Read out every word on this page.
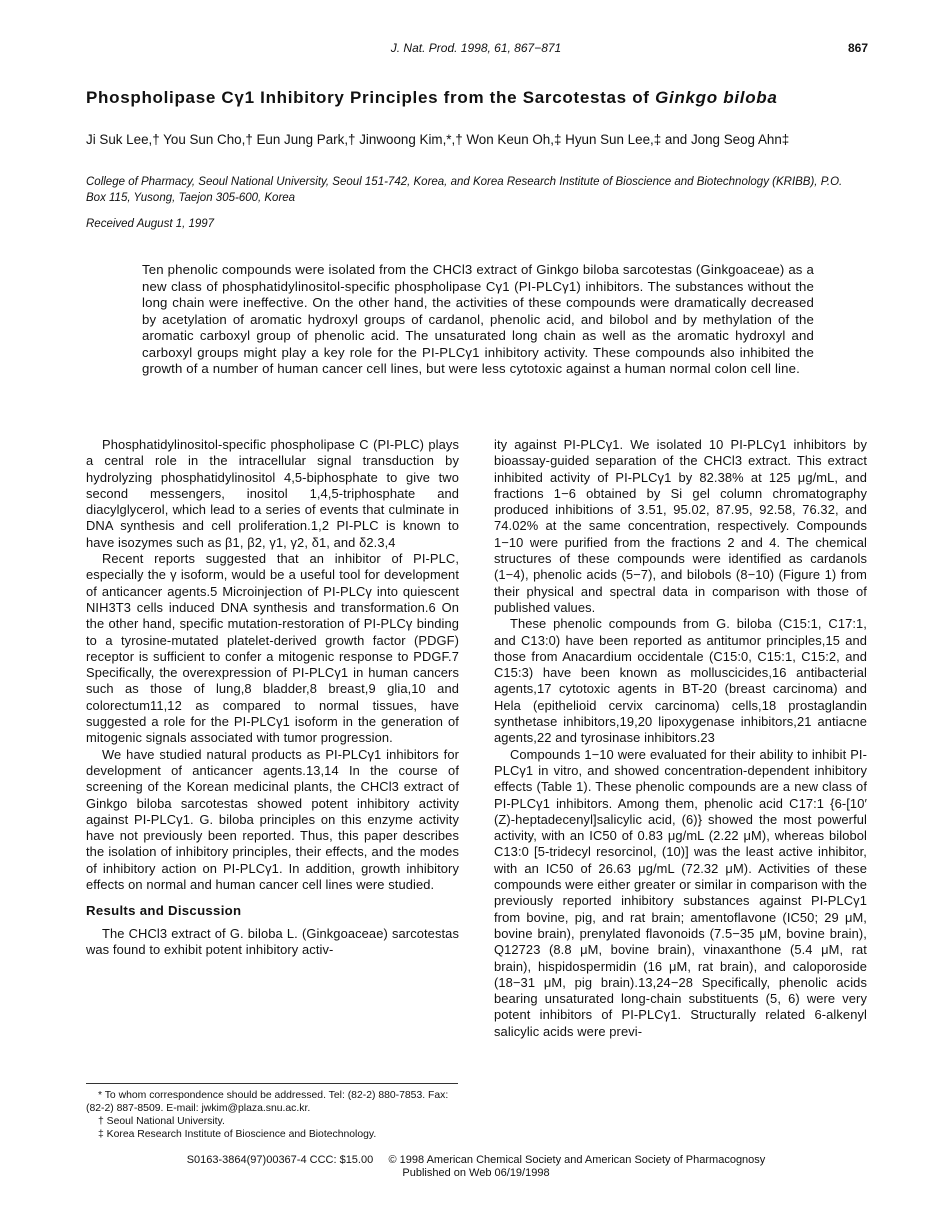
J. Nat. Prod. 1998, 61, 867−871	867
Phospholipase Cγ1 Inhibitory Principles from the Sarcotestas of Ginkgo biloba
Ji Suk Lee,† You Sun Cho,† Eun Jung Park,† Jinwoong Kim,*,† Won Keun Oh,‡ Hyun Sun Lee,‡ and Jong Seog Ahn‡
College of Pharmacy, Seoul National University, Seoul 151-742, Korea, and Korea Research Institute of Bioscience and Biotechnology (KRIBB), P.O. Box 115, Yusong, Taejon 305-600, Korea
Received August 1, 1997
Ten phenolic compounds were isolated from the CHCl3 extract of Ginkgo biloba sarcotestas (Ginkgoaceae) as a new class of phosphatidylinositol-specific phospholipase Cγ1 (PI-PLCγ1) inhibitors. The substances without the long chain were ineffective. On the other hand, the activities of these compounds were dramatically decreased by acetylation of aromatic hydroxyl groups of cardanol, phenolic acid, and bilobol and by methylation of the aromatic carboxyl group of phenolic acid. The unsaturated long chain as well as the aromatic hydroxyl and carboxyl groups might play a key role for the PI-PLCγ1 inhibitory activity. These compounds also inhibited the growth of a number of human cancer cell lines, but were less cytotoxic against a human normal colon cell line.

Phosphatidylinositol-specific phospholipase C (PI-PLC) plays a central role in the intracellular signal transduction by hydrolyzing phosphatidylinositol 4,5-biphosphate to give two second messengers, inositol 1,4,5-triphosphate and diacylglycerol, which lead to a series of events that culminate in DNA synthesis and cell proliferation.1,2 PI-PLC is known to have isozymes such as β1, β2, γ1, γ2, δ1, and δ2.3,4

Recent reports suggested that an inhibitor of PI-PLC, especially the γ isoform, would be a useful tool for development of anticancer agents.5 Microinjection of PI-PLCγ into quiescent NIH3T3 cells induced DNA synthesis and transformation.6 On the other hand, specific mutation-restoration of PI-PLCγ binding to a tyrosine-mutated platelet-derived growth factor (PDGF) receptor is sufficient to confer a mitogenic response to PDGF.7 Specifically, the overexpression of PI-PLCγ1 in human cancers such as those of lung,8 bladder,8 breast,9 glia,10 and colorectum11,12 as compared to normal tissues, have suggested a role for the PI-PLCγ1 isoform in the generation of mitogenic signals associated with tumor progression.

We have studied natural products as PI-PLCγ1 inhibitors for development of anticancer agents.13,14 In the course of screening of the Korean medicinal plants, the CHCl3 extract of Ginkgo biloba sarcotestas showed potent inhibitory activity against PI-PLCγ1. G. biloba principles on this enzyme activity have not previously been reported. Thus, this paper describes the isolation of inhibitory principles, their effects, and the modes of inhibitory action on PI-PLCγ1. In addition, growth inhibitory effects on normal and human cancer cell lines were studied.

Results and Discussion

The CHCl3 extract of G. biloba L. (Ginkgoaceae) sarcotestas was found to exhibit potent inhibitory activ-

ity against PI-PLCγ1. We isolated 10 PI-PLCγ1 inhibitors by bioassay-guided separation of the CHCl3 extract. This extract inhibited activity of PI-PLCγ1 by 82.38% at 125 μg/mL, and fractions 1−6 obtained by Si gel column chromatography produced inhibitions of 3.51, 95.02, 87.95, 92.58, 76.32, and 74.02% at the same concentration, respectively. Compounds 1−10 were purified from the fractions 2 and 4. The chemical structures of these compounds were identified as cardanols (1−4), phenolic acids (5−7), and bilobols (8−10) (Figure 1) from their physical and spectral data in comparison with those of published values.

These phenolic compounds from G. biloba (C15:1, C17:1, and C13:0) have been reported as antitumor principles,15 and those from Anacardium occidentale (C15:0, C15:1, C15:2, and C15:3) have been known as molluscicides,16 antibacterial agents,17 cytotoxic agents in BT-20 (breast carcinoma) and Hela (epithelioid cervix carcinoma) cells,18 prostaglandin synthetase inhibitors,19,20 lipoxygenase inhibitors,21 antiacne agents,22 and tyrosinase inhibitors.23

Compounds 1−10 were evaluated for their ability to inhibit PI-PLCγ1 in vitro, and showed concentration-dependent inhibitory effects (Table 1). These phenolic compounds are a new class of PI-PLCγ1 inhibitors. Among them, phenolic acid C17:1 {6-[10′ (Z)-heptadecenyl]salicylic acid, (6)} showed the most powerful activity, with an IC50 of 0.83 μg/mL (2.22 μM), whereas bilobol C13:0 [5-tridecyl resorcinol, (10)] was the least active inhibitor, with an IC50 of 26.63 μg/mL (72.32 μM). Activities of these compounds were either greater or similar in comparison with the previously reported inhibitory substances against PI-PLCγ1 from bovine, pig, and rat brain; amentoflavone (IC50; 29 μM, bovine brain), prenylated flavonoids (7.5−35 μM, bovine brain), Q12723 (8.8 μM, bovine brain), vinaxanthone (5.4 μM, rat brain), hispidospermidin (16 μM, rat brain), and caloporoside (18−31 μM, pig brain).13,24−28 Specifically, phenolic acids bearing unsaturated long-chain substituents (5, 6) were very potent inhibitors of PI-PLCγ1. Structurally related 6-alkenyl salicylic acids were previ-

* To whom correspondence should be addressed. Tel: (82-2) 880-7853. Fax: (82-2) 887-8509. E-mail: jwkim@plaza.snu.ac.kr.
† Seoul National University.
‡ Korea Research Institute of Bioscience and Biotechnology.
S0163-3864(97)00367-4 CCC: $15.00     © 1998 American Chemical Society and American Society of Pharmacognosy
Published on Web 06/19/1998
